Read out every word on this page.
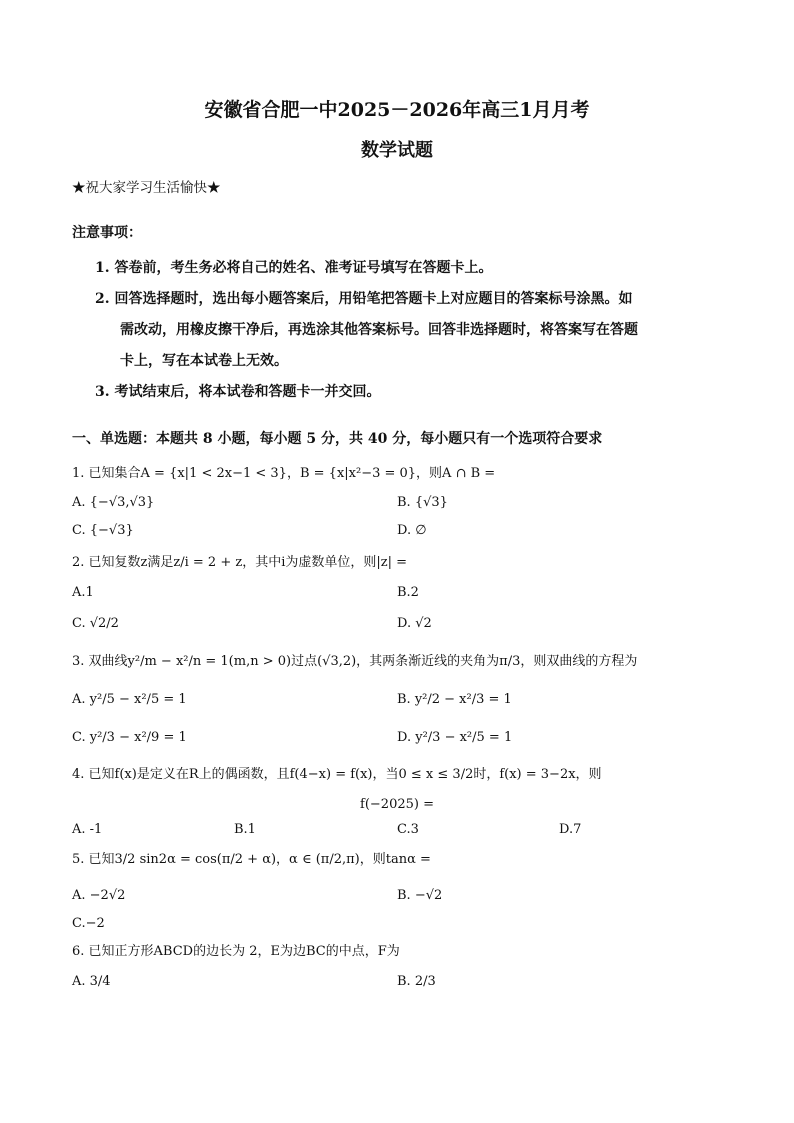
安徽省合肥一中2025－2026年高三1月月考
数学试题
★祝大家学习生活愉快★
注意事项：
1. 答卷前，考生务必将自己的姓名、准考证号填写在答题卡上。
2. 回答选择题时，选出每小题答案后，用铅笔把答题卡上对应题目的答案标号涂黑。如
需改动，用橡皮擦干净后，再选涂其他答案标号。回答非选择题时，将答案写在答题
卡上，写在本试卷上无效。
3. 考试结束后，将本试卷和答题卡一并交回。
一、单选题：本题共 8 小题，每小题 5 分，共 40 分，每小题只有一个选项符合要求
1. 已知集合A = {x|1 < 2x−1 < 3}，B = {x|x²−3 = 0}，则A ∩ B =
A. {−√3,√3}	B. {√3}
C. {−√3}	D. ∅
2. 已知复数z满足z/i = 2 + z，其中i为虚数单位，则|z| =
A.1	B.2
C. √2/2	D. √2
3. 双曲线y²/m − x²/n = 1(m,n > 0)过点(√3,2)，其两条渐近线的夹角为π/3，则双曲线的方程为
A. y²/5 − x²/5 = 1	B. y²/2 − x²/3 = 1
C. y²/3 − x²/9 = 1	D. y²/3 − x²/5 = 1
4. 已知f(x)是定义在R上的偶函数，且f(4−x) = f(x)，当0 ≤ x ≤ 3/2时，f(x) = 3−2x，则
f(−2025) =
A. -1	B.1	C.3	D.7
5. 已知3/2 sin2α = cos(π/2 + α)，α ∈ (π/2,π)，则tanα =
A. −2√2	B. −√2
C.−2
6. 已知正方形ABCD的边长为 2，E为边BC的中点，F为
A. 3/4	B. 2/3
